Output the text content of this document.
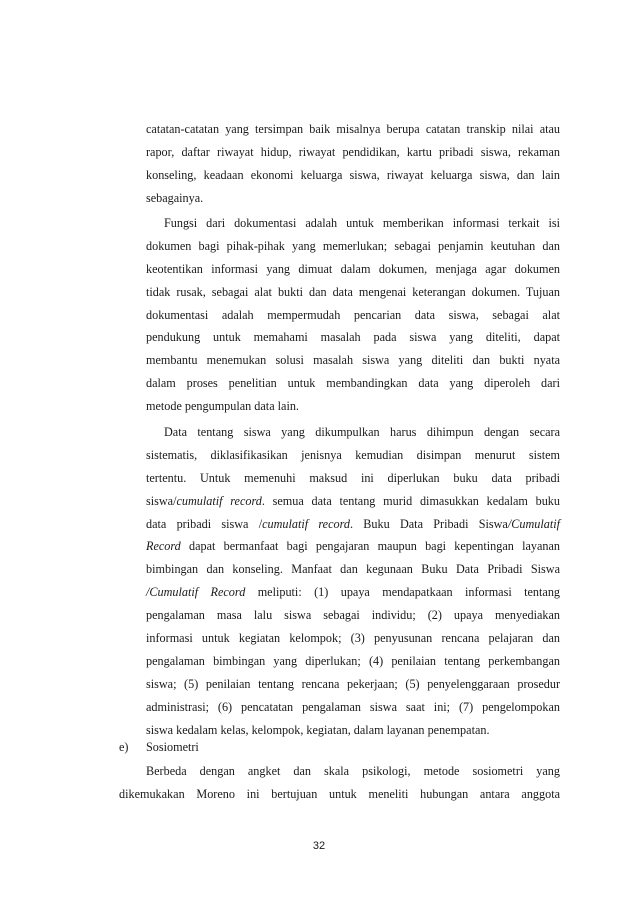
catatan-catatan yang tersimpan baik misalnya berupa catatan transkip nilai atau
rapor, daftar riwayat hidup, riwayat pendidikan, kartu pribadi siswa, rekaman
konseling, keadaan ekonomi keluarga siswa, riwayat keluarga siswa, dan lain
sebagainya.
Fungsi dari dokumentasi adalah untuk memberikan informasi terkait isi
dokumen bagi pihak-pihak yang memerlukan; sebagai penjamin keutuhan dan
keotentikan informasi yang dimuat dalam dokumen, menjaga agar dokumen
tidak rusak, sebagai alat bukti dan data mengenai keterangan dokumen. Tujuan
dokumentasi adalah mempermudah pencarian data siswa, sebagai alat
pendukung untuk memahami masalah pada siswa yang diteliti, dapat
membantu menemukan solusi masalah siswa yang diteliti dan bukti nyata
dalam proses penelitian untuk membandingkan data yang diperoleh dari
metode pengumpulan data lain.
Data tentang siswa yang dikumpulkan harus dihimpun dengan secara
sistematis, diklasifikasikan jenisnya kemudian disimpan menurut sistem
tertentu. Untuk memenuhi maksud ini diperlukan buku data pribadi
siswa/cumulatif record. semua data tentang murid dimasukkan kedalam buku
data pribadi siswa /cumulatif record. Buku Data Pribadi Siswa/Cumulatif
Record dapat bermanfaat bagi pengajaran maupun bagi kepentingan layanan
bimbingan dan konseling. Manfaat dan kegunaan Buku Data Pribadi Siswa
/Cumulatif Record meliputi: (1) upaya mendapatkaan informasi tentang
pengalaman masa lalu siswa sebagai individu; (2) upaya menyediakan
informasi untuk kegiatan kelompok; (3) penyusunan rencana pelajaran dan
pengalaman bimbingan yang diperlukan; (4) penilaian tentang perkembangan
siswa; (5) penilaian tentang rencana pekerjaan; (5) penyelenggaraan prosedur
administrasi; (6) pencatatan pengalaman siswa saat ini; (7) pengelompokan
siswa kedalam kelas, kelompok, kegiatan, dalam layanan penempatan.
e) Sosiometri
Berbeda dengan angket dan skala psikologi, metode sosiometri yang
dikemukakan Moreno ini bertujuan untuk meneliti hubungan antara anggota
32
